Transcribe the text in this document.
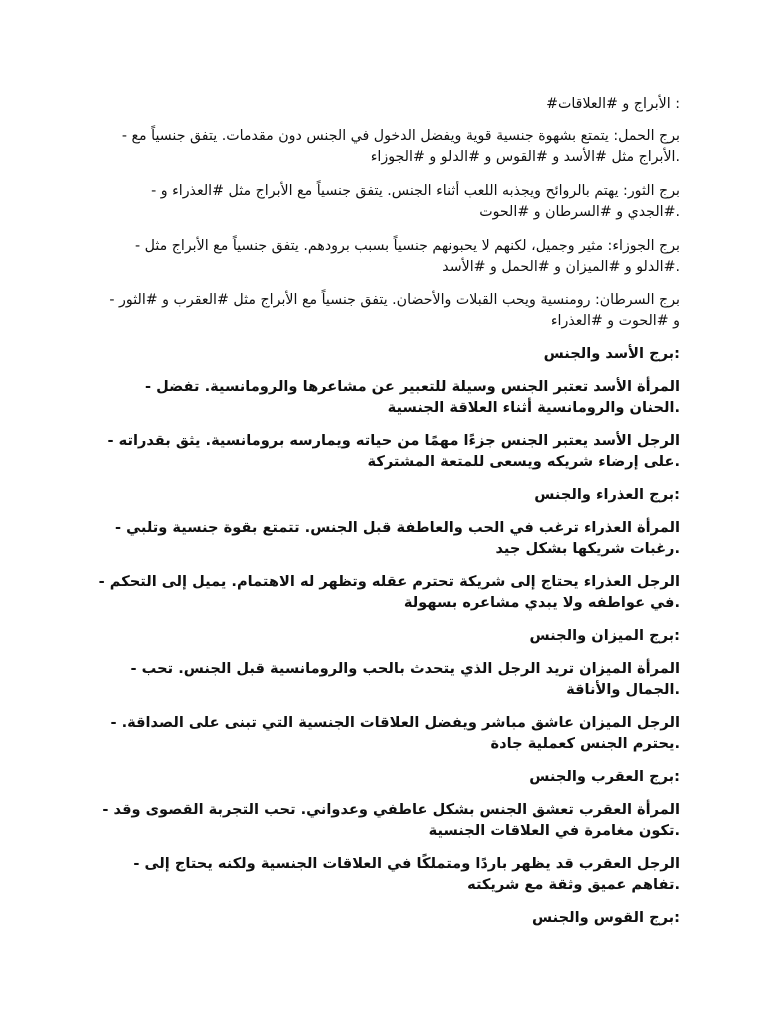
: الأبراج و #العلاقات#
برج الحمل: يتمتع بشهوة جنسية قوية ويفضل الدخول في الجنس دون مقدمات. يتفق جنسياً مع -
.الأبراج مثل #الأسد و #القوس و #الدلو و #الجوزاء
برج الثور: يهتم بالروائح ويجذبه اللعب أثناء الجنس. يتفق جنسياً مع الأبراج مثل #العذراء و -
.#الجدي و #السرطان و #الحوت
برج الجوزاء: مثير وجميل، لكنهم لا يحبونهم جنسياً بسبب برودهم. يتفق جنسياً مع الأبراج مثل -
.#الدلو و #الميزان و #الحمل و #الأسد
برج السرطان: رومنسية ويحب القبلات والأحضان. يتفق جنسياً مع الأبراج مثل #العقرب و #الثور -
و #الحوت و #العذراء
:برج الأسد والجنس
المرأة الأسد تعتبر الجنس وسيلة للتعبير عن مشاعرها والرومانسية. تفضل -
.الحنان والرومانسية أثناء العلاقة الجنسية
الرجل الأسد يعتبر الجنس جزءًا مهمًا من حياته ويمارسه برومانسية. يثق بقدراته -
.على إرضاء شريكه ويسعى للمتعة المشتركة
:برج العذراء والجنس
المرأة العذراء ترغب في الحب والعاطفة قبل الجنس. تتمتع بقوة جنسية وتلبي -
.رغبات شريكها بشكل جيد
الرجل العذراء يحتاج إلى شريكة تحترم عقله وتظهر له الاهتمام. يميل إلى التحكم -
.في عواطفه ولا يبدي مشاعره بسهولة
:برج الميزان والجنس
المرأة الميزان تريد الرجل الذي يتحدث بالحب والرومانسية قبل الجنس. تحب -
.الجمال والأناقة
الرجل الميزان عاشق مباشر ويفضل العلاقات الجنسية التي تبنى على الصداقة. -
.يحترم الجنس كعملية جادة
:برج العقرب والجنس
المرأة العقرب تعشق الجنس بشكل عاطفي وعدواني. تحب التجربة القصوى وقد -
.تكون مغامرة في العلاقات الجنسية
الرجل العقرب قد يظهر باردًا ومتملكًا في العلاقات الجنسية ولكنه يحتاج إلى -
.تفاهم عميق وثقة مع شريكته
:برج القوس والجنس
